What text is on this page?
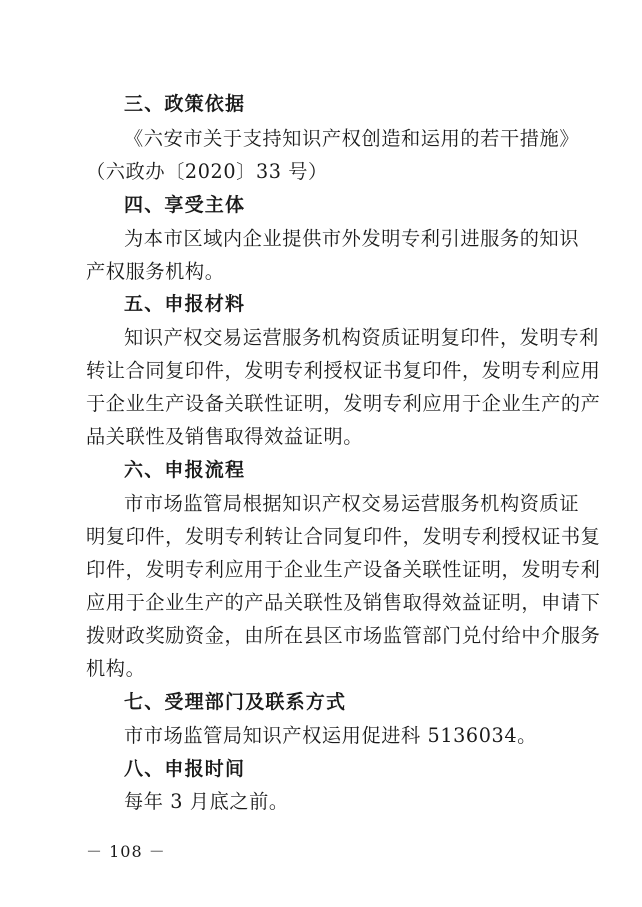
三、政策依据
《六安市关于支持知识产权创造和运用的若干措施》
（六政办〔2020〕33 号）
四、享受主体
为本市区域内企业提供市外发明专利引进服务的知识
产权服务机构。
五、申报材料
知识产权交易运营服务机构资质证明复印件，发明专利
转让合同复印件，发明专利授权证书复印件，发明专利应用
于企业生产设备关联性证明，发明专利应用于企业生产的产
品关联性及销售取得效益证明。
六、申报流程
市市场监管局根据知识产权交易运营服务机构资质证
明复印件，发明专利转让合同复印件，发明专利授权证书复
印件，发明专利应用于企业生产设备关联性证明，发明专利
应用于企业生产的产品关联性及销售取得效益证明，申请下
拨财政奖励资金，由所在县区市场监管部门兑付给中介服务
机构。
七、受理部门及联系方式
市市场监管局知识产权运用促进科 5136034。
八、申报时间
每年 3 月底之前。
－ 108 －
